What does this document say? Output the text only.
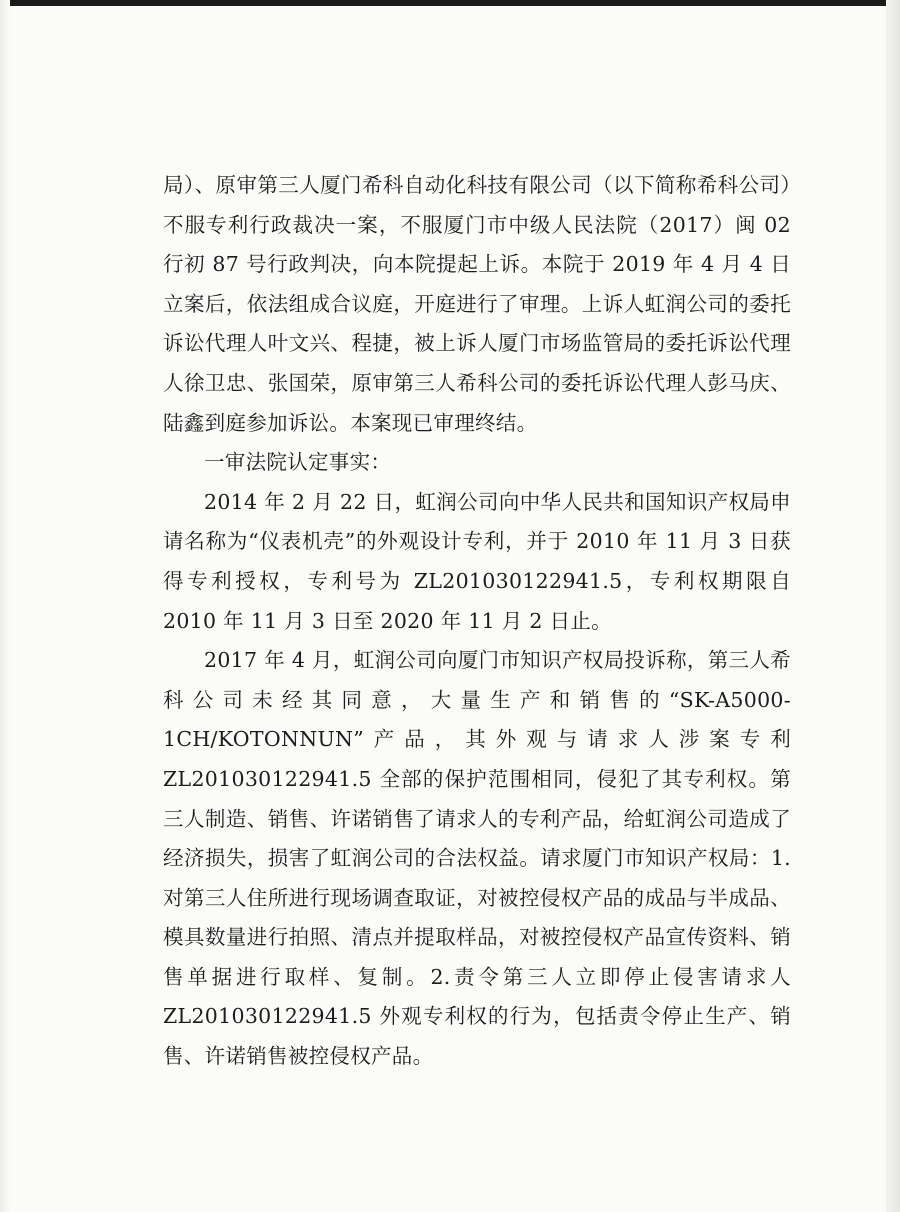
局）、原审第三人厦门希科自动化科技有限公司（以下简称希科公司）不服专利行政裁决一案，不服厦门市中级人民法院（2017）闽 02 行初 87 号行政判决，向本院提起上诉。本院于 2019 年 4 月 4 日立案后，依法组成合议庭，开庭进行了审理。上诉人虹润公司的委托诉讼代理人叶文兴、程捷，被上诉人厦门市场监管局的委托诉讼代理人徐卫忠、张国荣，原审第三人希科公司的委托诉讼代理人彭马庆、陆鑫到庭参加诉讼。本案现已审理终结。

一审法院认定事实：

2014 年 2 月 22 日，虹润公司向中华人民共和国知识产权局申请名称为“仪表机壳”的外观设计专利，并于 2010 年 11 月 3 日获得专利授权，专利号为 ZL201030122941.5，专利权期限自 2010 年 11 月 3 日至 2020 年 11 月 2 日止。

2017 年 4 月，虹润公司向厦门市知识产权局投诉称，第三人希科公司未经其同意，大量生产和销售的“SK-A5000-1CH/KOTONNUN”产品，其外观与请求人涉案专利 ZL201030122941.5 全部的保护范围相同，侵犯了其专利权。第三人制造、销售、许诺销售了请求人的专利产品，给虹润公司造成了经济损失，损害了虹润公司的合法权益。请求厦门市知识产权局：1.对第三人住所进行现场调查取证，对被控侵权产品的成品与半成品、模具数量进行拍照、清点并提取样品，对被控侵权产品宣传资料、销售单据进行取样、复制。2.责令第三人立即停止侵害请求人 ZL201030122941.5 外观专利权的行为，包括责令停止生产、销售、许诺销售被控侵权产品。
